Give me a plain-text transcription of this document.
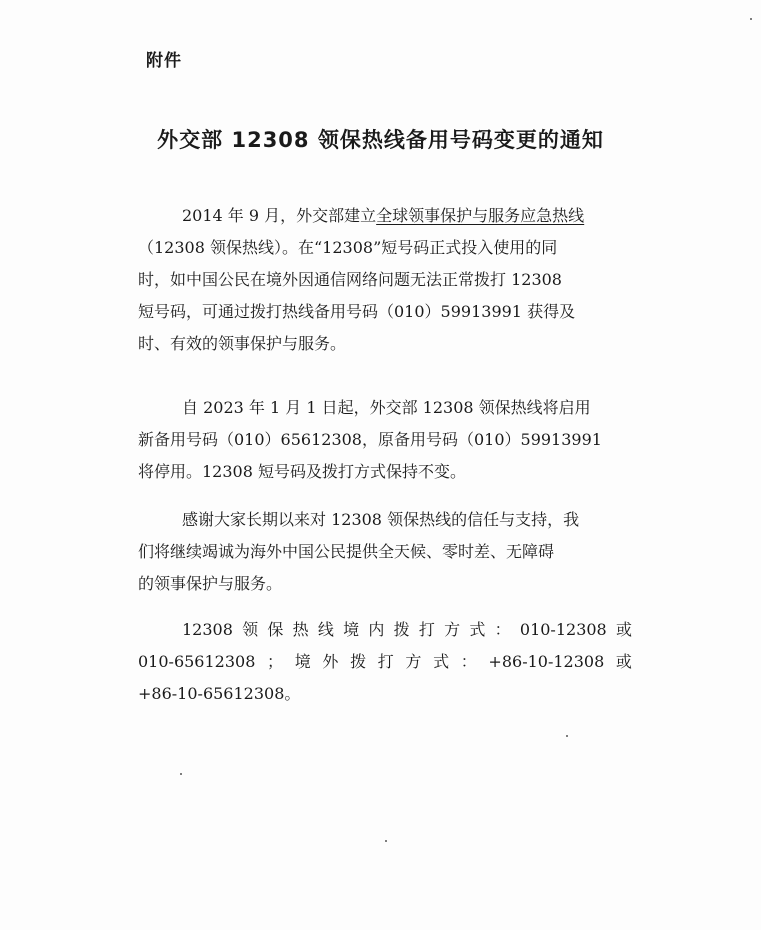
附件
外交部 12308 领保热线备用号码变更的通知
2014 年 9 月，外交部建立全球领事保护与服务应急热线
（12308 领保热线）。在“12308”短号码正式投入使用的同
时，如中国公民在境外因通信网络问题无法正常拨打 12308
短号码，可通过拨打热线备用号码（010）59913991 获得及
时、有效的领事保护与服务。
自 2023 年 1 月 1 日起，外交部 12308 领保热线将启用
新备用号码（010）65612308，原备用号码（010）59913991
将停用。12308 短号码及拨打方式保持不变。
感谢大家长期以来对 12308 领保热线的信任与支持，我
们将继续竭诚为海外中国公民提供全天候、零时差、无障碍
的领事保护与服务。
12308 领 保 热 线 境 内 拨 打 方 式 ： 010-12308 或
010-65612308 ； 境 外 拨 打 方 式 ： +86-10-12308 或
+86-10-65612308。
